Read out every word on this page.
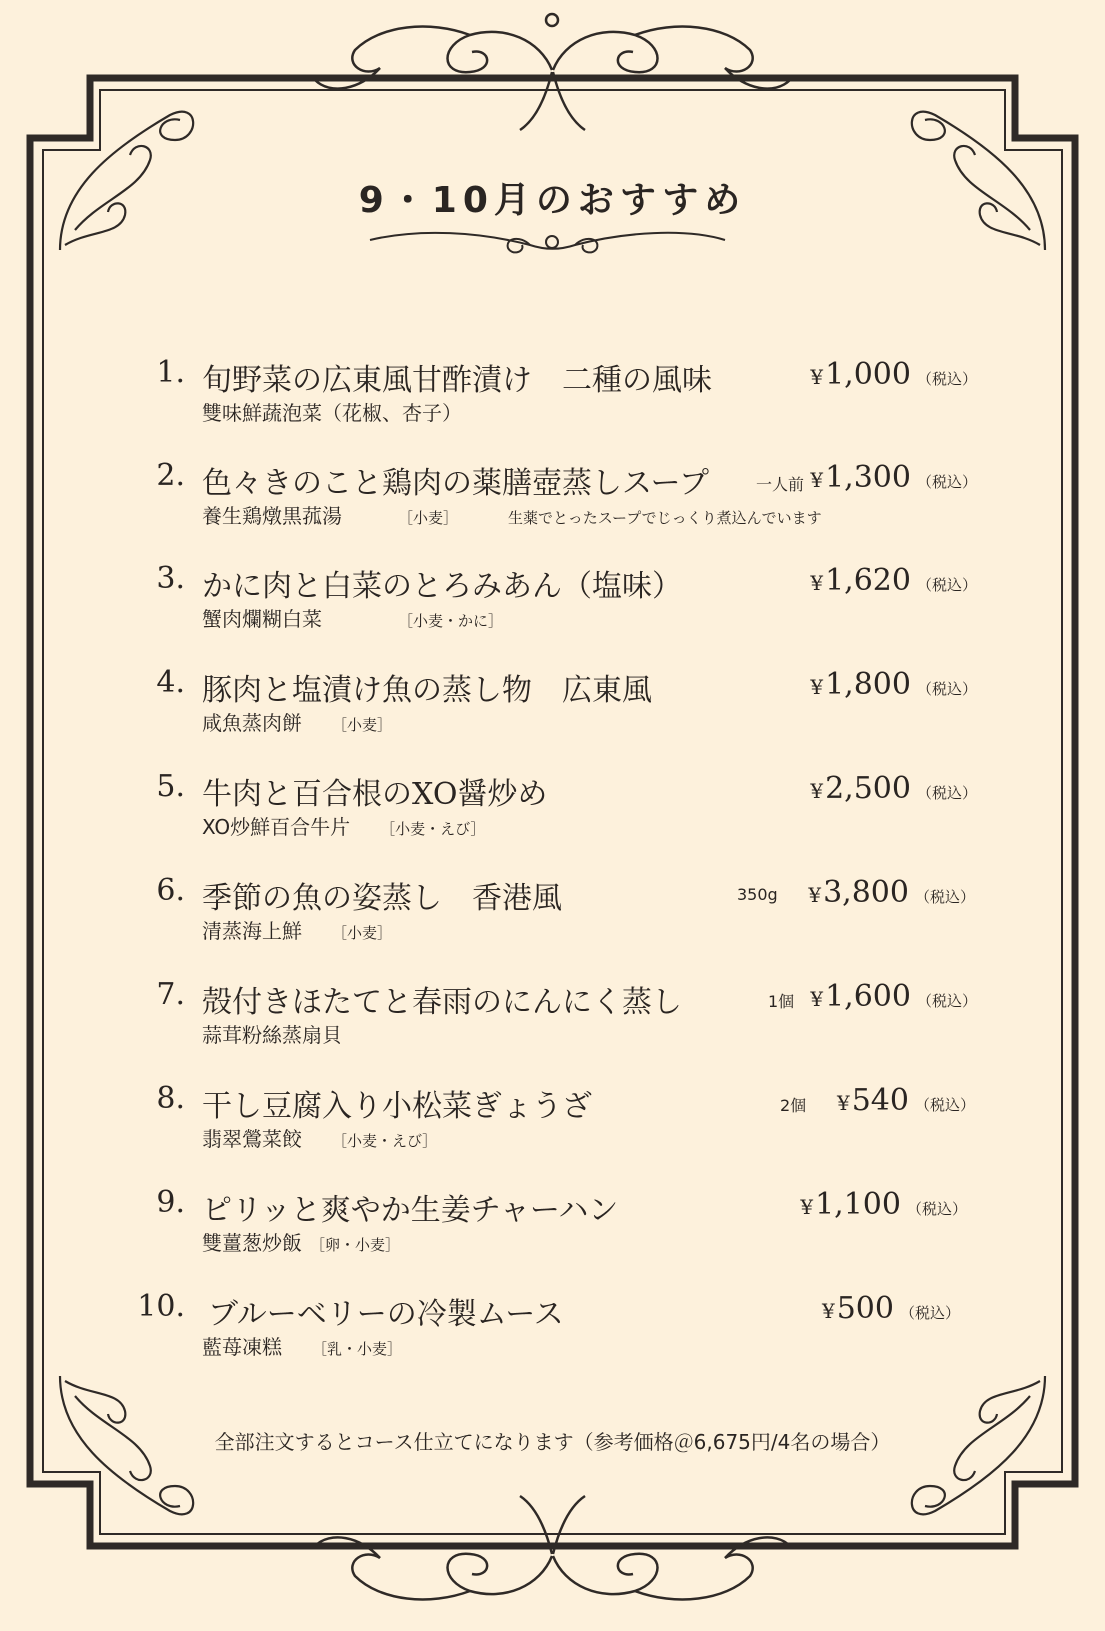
9・10月のおすすめ
1. 旬野菜の広東風甘酢漬け　二種の風味	¥1,000 （税込）
雙味鮮蔬泡菜（花椒、杏子）
2. 色々きのこと鶏肉の薬膳壺蒸しスープ	一人前 ¥1,300 （税込）
養生鶏燉黒菰湯	［小麦］	生薬でとったスープでじっくり煮込んでいます
3. かに肉と白菜のとろみあん（塩味）	¥1,620 （税込）
蟹肉爛糊白菜	［小麦・かに］
4. 豚肉と塩漬け魚の蒸し物　広東風	¥1,800 （税込）
咸魚蒸肉餅 ［小麦］
5. 牛肉と百合根のXO醤炒め	¥2,500 （税込）
XO炒鮮百合牛片 ［小麦・えび］
6. 季節の魚の姿蒸し　香港風	350g ¥3,800 （税込）
清蒸海上鮮 ［小麦］
7. 殻付きほたてと春雨のにんにく蒸し	1個 ¥1,600 （税込）
蒜茸粉絲蒸扇貝
8. 干し豆腐入り小松菜ぎょうざ	2個 ¥540 （税込）
翡翠鶯菜餃 ［小麦・えび］
9. ピリッと爽やか生姜チャーハン	¥1,100 （税込）
雙薑葱炒飯 ［卵・小麦］
10. ブルーベリーの冷製ムース	¥500 （税込）
藍苺凍糕 ［乳・小麦］
全部注文するとコース仕立てになります（参考価格＠6,675円/4名の場合）
